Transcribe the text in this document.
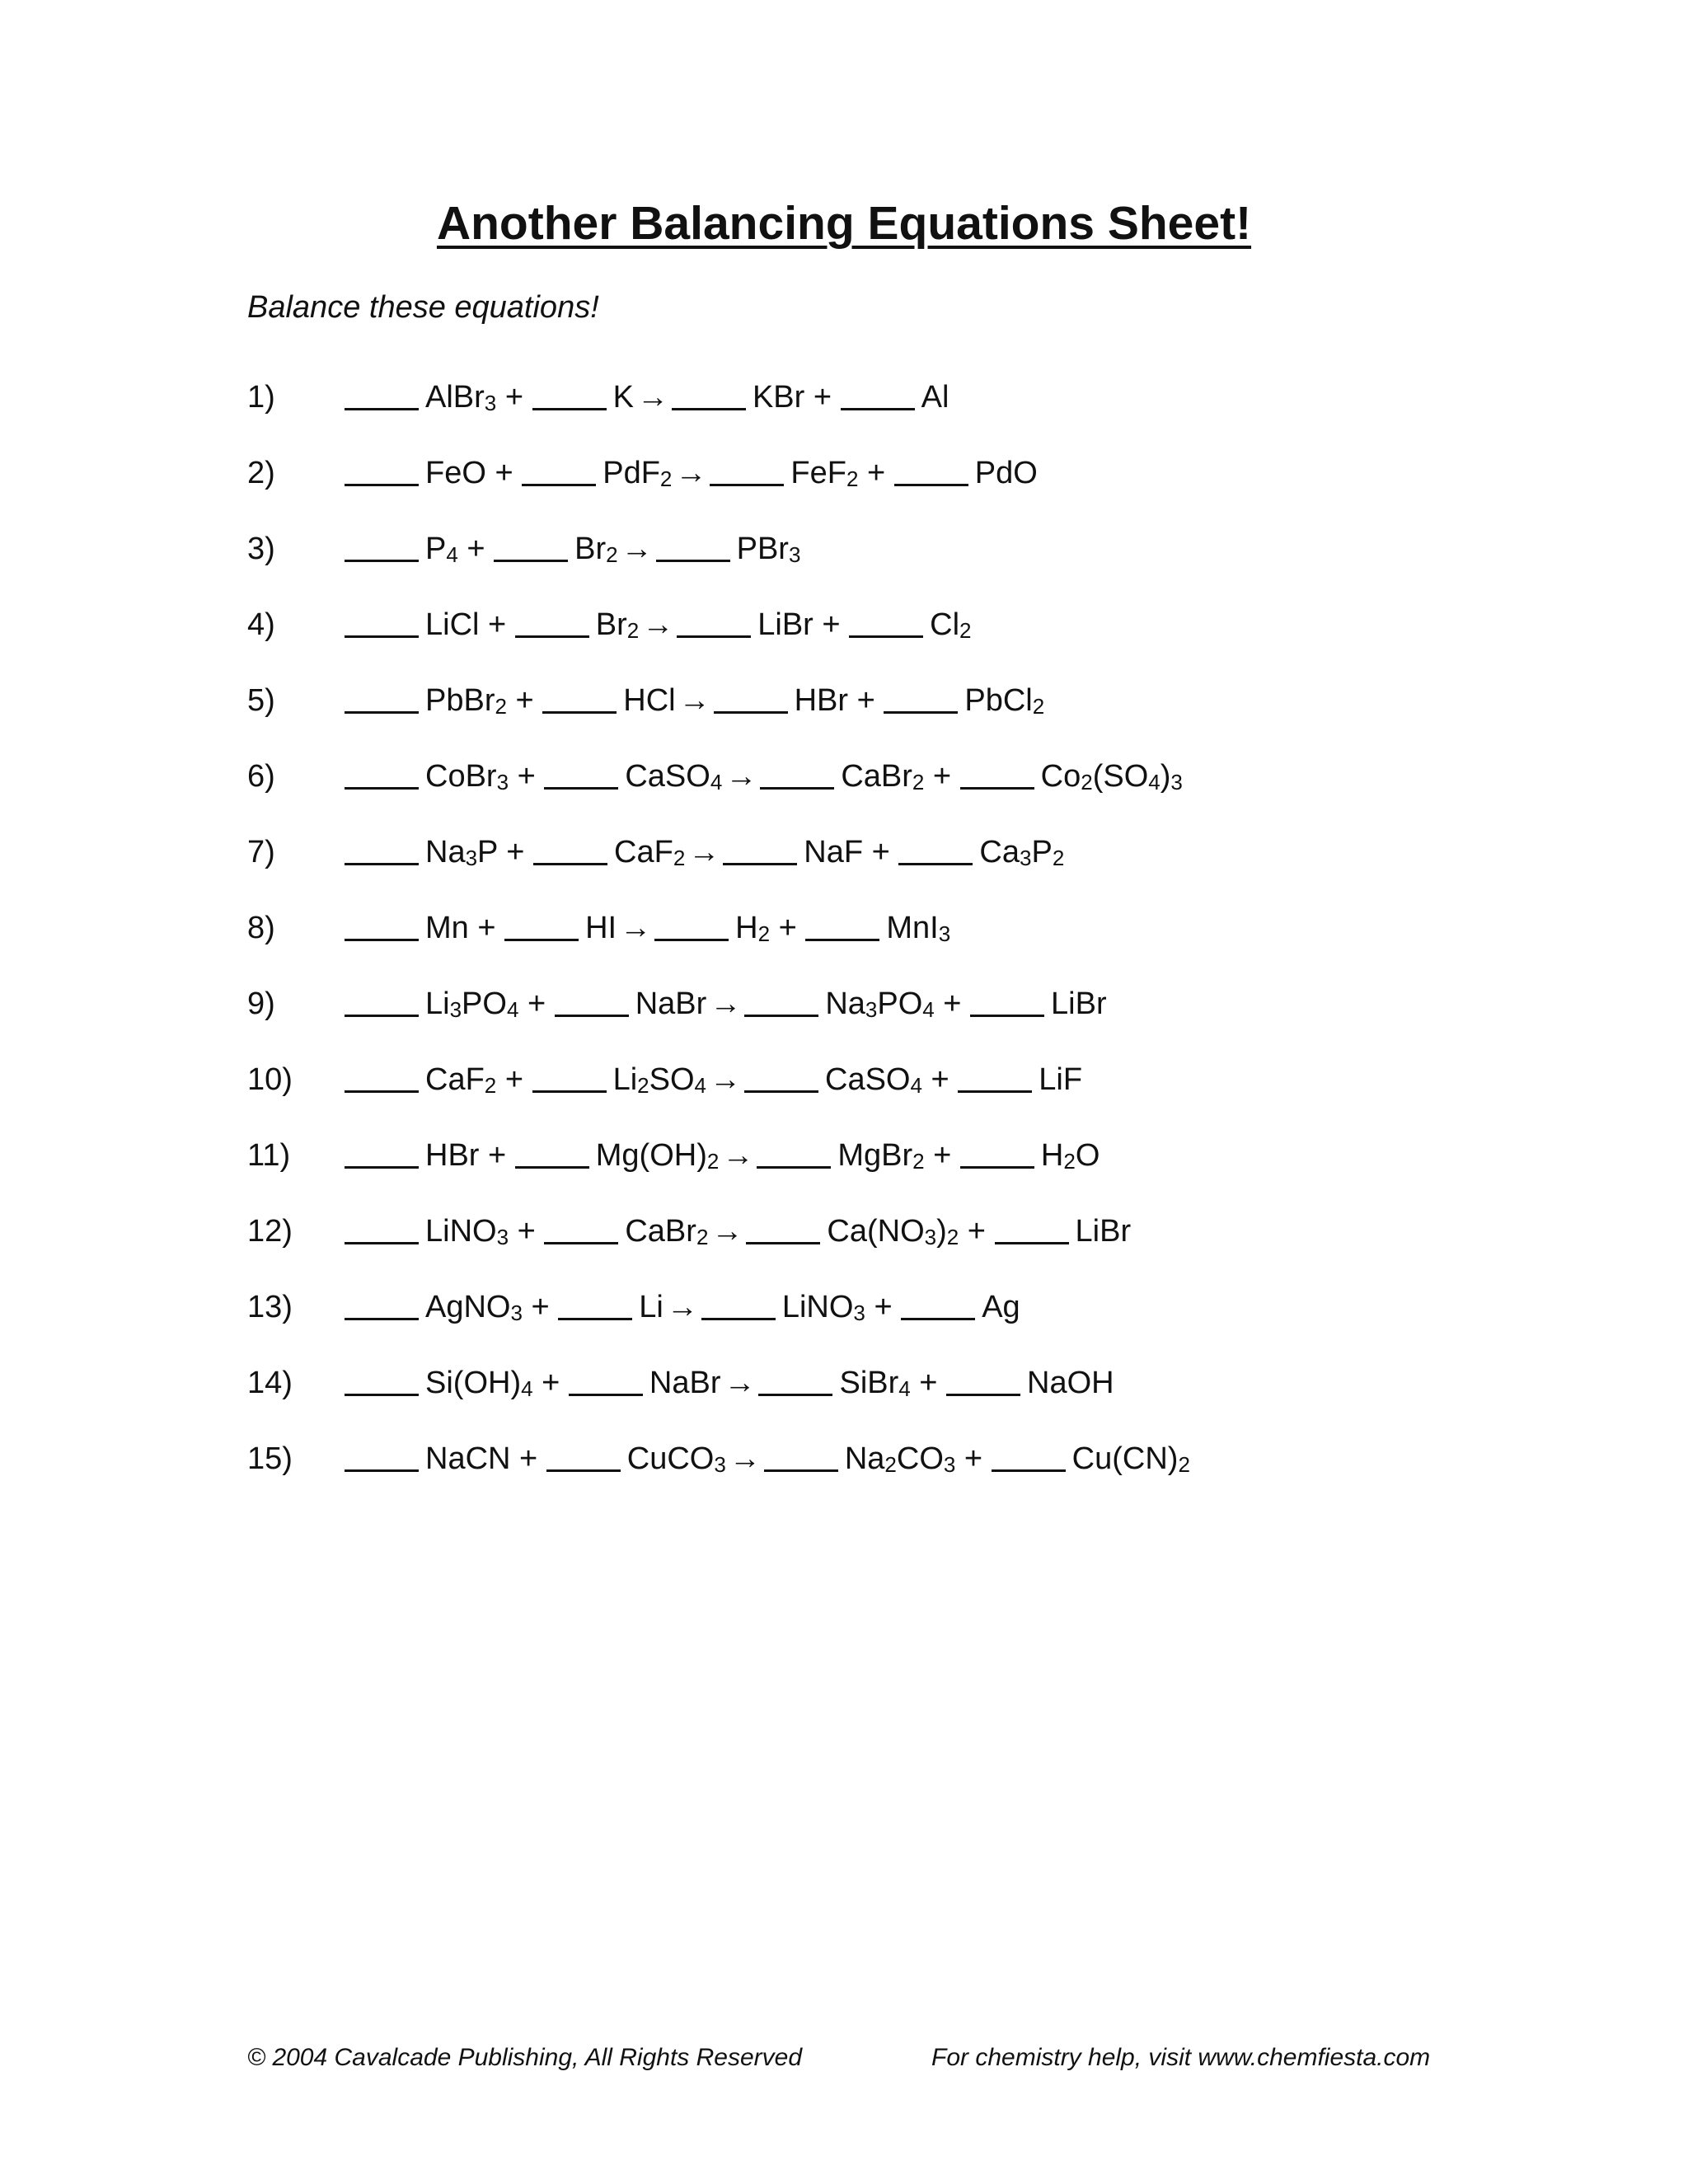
Another Balancing Equations Sheet!
Balance these equations!
1)	AlBr$_3$ +	K→	KBr +	Al
2)	FeO +	PdF$_2$→	FeF$_2$ +	PdO
3)	$P_4$ +	$Br_2\to$	PBr$_3$
4)	LiCl +	$Br_2\to$	LiBr +	$Cl_2$
5)	PbBr$_2$ +	HCl→	HBr +	PbCl$_2$
6)	CoBr$_3$ +	CaSO$_4$→	CaBr$_2$ +	$Co_2(SO_4)_3$
7)	$Na_3P$ +	CaF$_2$→	NaF +	$Ca_3P_2$
8)	Mn +	HI→	$H_2$ +	MnI$_3$
9)	$Li_3PO_4$ +	NaBr→	$Na_3PO_4$ +	LiBr
10)	CaF$_2$ +	$Li_2SO_4\to$	CaSO$_4$ +	LiF
11)	HBr +	$Mg(OH)_2\to$	MgBr$_2$ +	$H_2O$
12)	LiNO$_3$ +	CaBr$_2$→	$Ca(NO_3)_2$ +	LiBr
13)	AgNO$_3$ +	Li→	LiNO$_3$ +	Ag
14)	$Si(OH)_4$ +	NaBr→	SiBr$_4$ +	NaOH
15)	NaCN +	CuCO$_3$→	$Na_2CO_3$ +	$Cu(CN)_2$
© 2004 Cavalcade Publishing, All Rights Reserved	For chemistry help, visit www.chemfiesta.com
